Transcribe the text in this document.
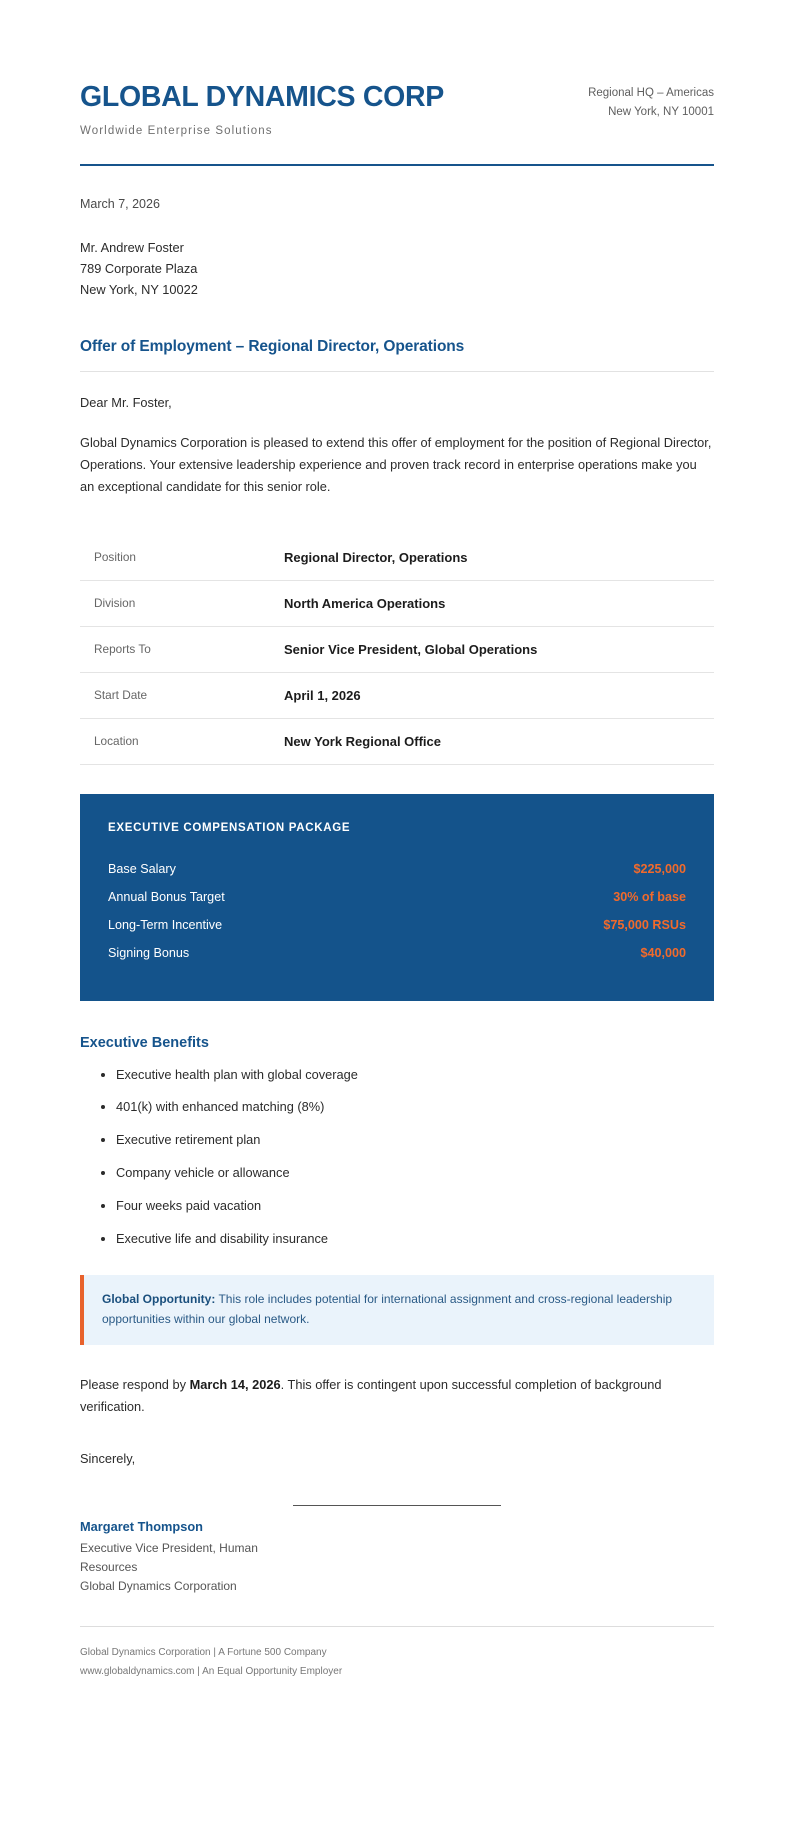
GLOBAL DYNAMICS CORP
Worldwide Enterprise Solutions
Regional HQ – Americas
New York, NY 10001
March 7, 2026
Mr. Andrew Foster
789 Corporate Plaza
New York, NY 10022
Offer of Employment – Regional Director, Operations
Dear Mr. Foster,
Global Dynamics Corporation is pleased to extend this offer of employment for the position of Regional Director, Operations. Your extensive leadership experience and proven track record in enterprise operations make you an exceptional candidate for this senior role.
Position	Regional Director, Operations
Division	North America Operations
Reports To	Senior Vice President, Global Operations
Start Date	April 1, 2026
Location	New York Regional Office
EXECUTIVE COMPENSATION PACKAGE
Base Salary	$225,000
Annual Bonus Target	30% of base
Long-Term Incentive	$75,000 RSUs
Signing Bonus	$40,000
Executive Benefits
• Executive health plan with global coverage
• 401(k) with enhanced matching (8%)
• Executive retirement plan
• Company vehicle or allowance
• Four weeks paid vacation
• Executive life and disability insurance

Global Opportunity: This role includes potential for international assignment and cross-regional leadership opportunities within our global network.

Please respond by March 14, 2026. This offer is contingent upon successful completion of background verification.
Sincerely,
Margaret Thompson
Executive Vice President, Human Resources
Global Dynamics Corporation
Global Dynamics Corporation | A Fortune 500 Company
www.globaldynamics.com | An Equal Opportunity Employer
